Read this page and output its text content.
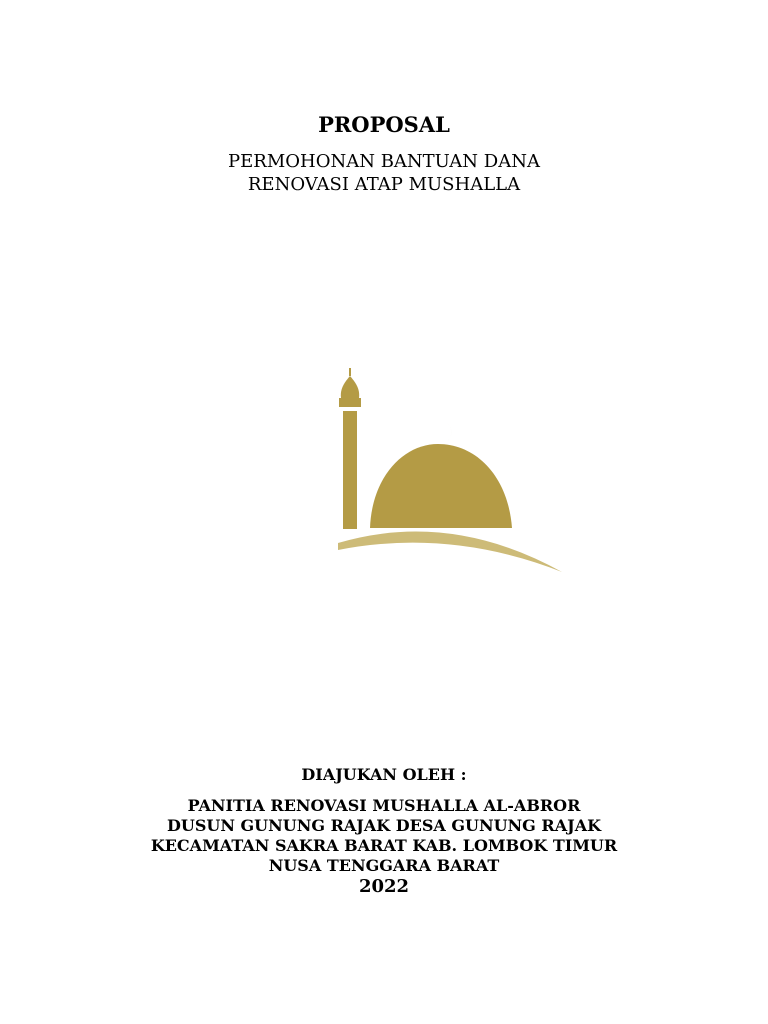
PROPOSAL
PERMOHONAN BANTUAN DANA
RENOVASI ATAP MUSHALLA
DIAJUKAN OLEH :
PANITIA RENOVASI MUSHALLA AL-ABROR
DUSUN GUNUNG RAJAK DESA GUNUNG RAJAK
KECAMATAN SAKRA BARAT KAB. LOMBOK TIMUR
NUSA TENGGARA BARAT
2022
